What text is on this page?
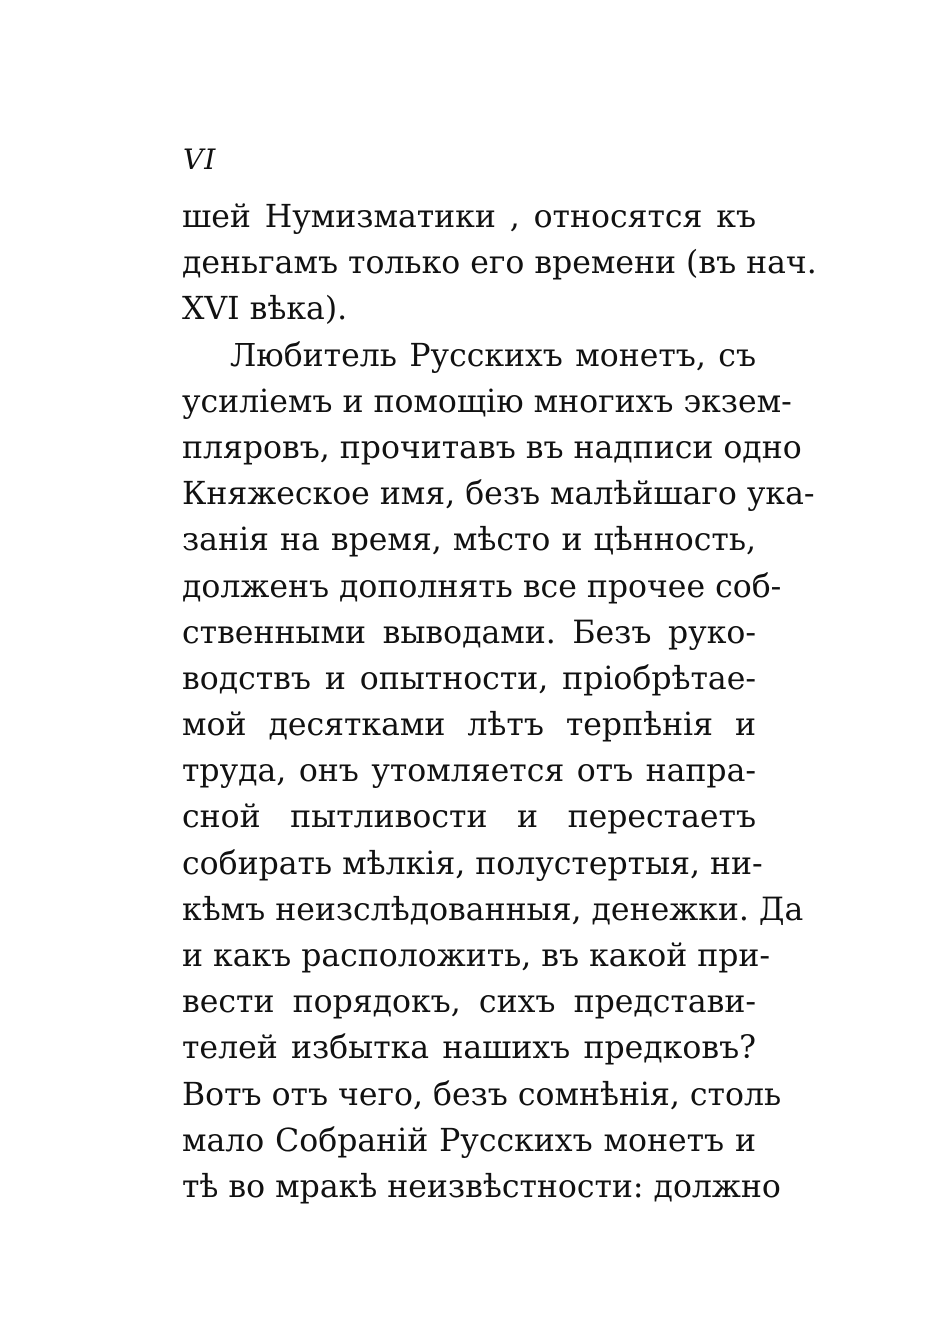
VI
шей Нумизматики , относятся къ
деньгамъ только его времени (въ нач.
XVI вѣка).
Любитель Русскихъ монетъ, съ
усиліемъ и помощію многихъ экзем-
пляровъ, прочитавъ въ надписи одно
Княжеское имя, безъ малѣйшаго ука-
занія на время, мѣсто и цѣнность,
долженъ дополнять все прочее соб-
ственными выводами. Безъ руко-
водствъ и опытности, пріобрѣтае-
мой десятками лѣтъ терпѣнія и
труда, онъ утомляется отъ напра-
сной пытливости и перестаетъ
собирать мѣлкія, полустертыя, ни-
кѣмъ неизслѣдованныя, денежки. Да
и какъ расположить, въ какой при-
вести порядокъ, сихъ представи-
телей избытка нашихъ предковъ?
Вотъ отъ чего, безъ сомнѣнія, столь
мало Собраній Русскихъ монетъ и
тѣ во мракѣ неизвѣстности: должно
